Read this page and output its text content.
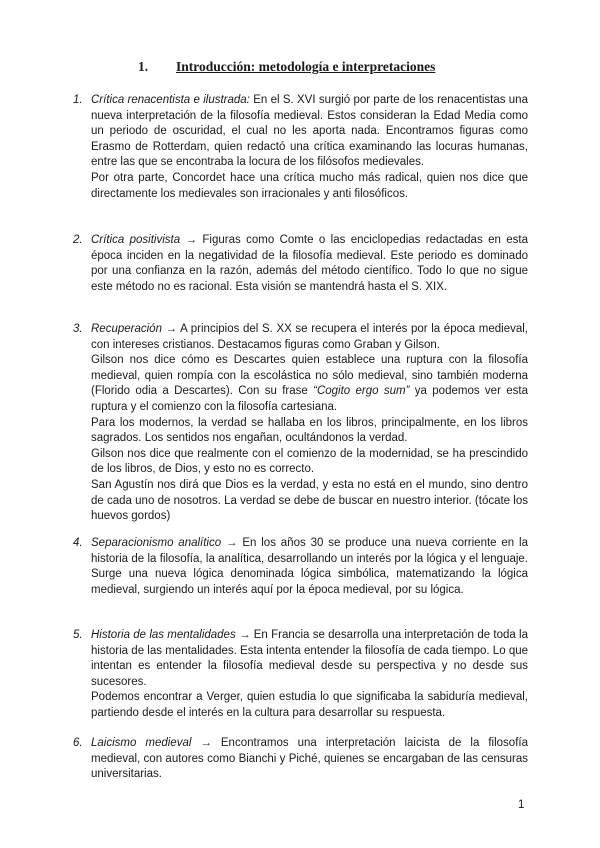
1. Introducción: metodología e interpretaciones
1. Crítica renacentista e ilustrada: En el S. XVI surgió por parte de los renacentistas una nueva interpretación de la filosofía medieval. Estos consideran la Edad Media como un periodo de oscuridad, el cual no les aporta nada. Encontramos figuras como Erasmo de Rotterdam, quien redactó una crítica examinando las locuras humanas, entre las que se encontraba la locura de los filósofos medievales.

Por otra parte, Concordet hace una crítica mucho más radical, quien nos dice que directamente los medievales son irracionales y anti filosóficos.

2. Crítica positivista → Figuras como Comte o las enciclopedias redactadas en esta época inciden en la negatividad de la filosofía medieval. Este periodo es dominado por una confianza en la razón, además del método científico. Todo lo que no sigue este método no es racional. Esta visión se mantendrá hasta el S. XIX.

3. Recuperación → A principios del S. XX se recupera el interés por la época medieval, con intereses cristianos. Destacamos figuras como Graban y Gilson.

Gilson nos dice cómo es Descartes quien establece una ruptura con la filosofía medieval, quien rompía con la escolástica no sólo medieval, sino también moderna (Florido odia a Descartes). Con su frase “Cogito ergo sum” ya podemos ver esta ruptura y el comienzo con la filosofía cartesiana.

Para los modernos, la verdad se hallaba en los libros, principalmente, en los libros sagrados. Los sentidos nos engañan, ocultándonos la verdad.

Gilson nos dice que realmente con el comienzo de la modernidad, se ha prescindido de los libros, de Dios, y esto no es correcto.

San Agustín nos dirá que Dios es la verdad, y esta no está en el mundo, sino dentro de cada uno de nosotros. La verdad se debe de buscar en nuestro interior. (tócate los huevos gordos)

4. Separacionismo analítico → En los años 30 se produce una nueva corriente en la historia de la filosofía, la analítica, desarrollando un interés por la lógica y el lenguaje. Surge una nueva lógica denominada lógica simbólica, matematizando la lógica medieval, surgiendo un interés aquí por la época medieval, por su lógica.

5. Historia de las mentalidades → En Francia se desarrolla una interpretación de toda la historia de las mentalidades. Esta intenta entender la filosofía de cada tiempo. Lo que intentan es entender la filosofía medieval desde su perspectiva y no desde sus sucesores.

Podemos encontrar a Verger, quien estudia lo que significaba la sabiduría medieval, partiendo desde el interés en la cultura para desarrollar su respuesta.

6. Laicismo medieval → Encontramos una interpretación laicista de la filosofía medieval, con autores como Bianchi y Piché, quienes se encargaban de las censuras universitarias.

1
